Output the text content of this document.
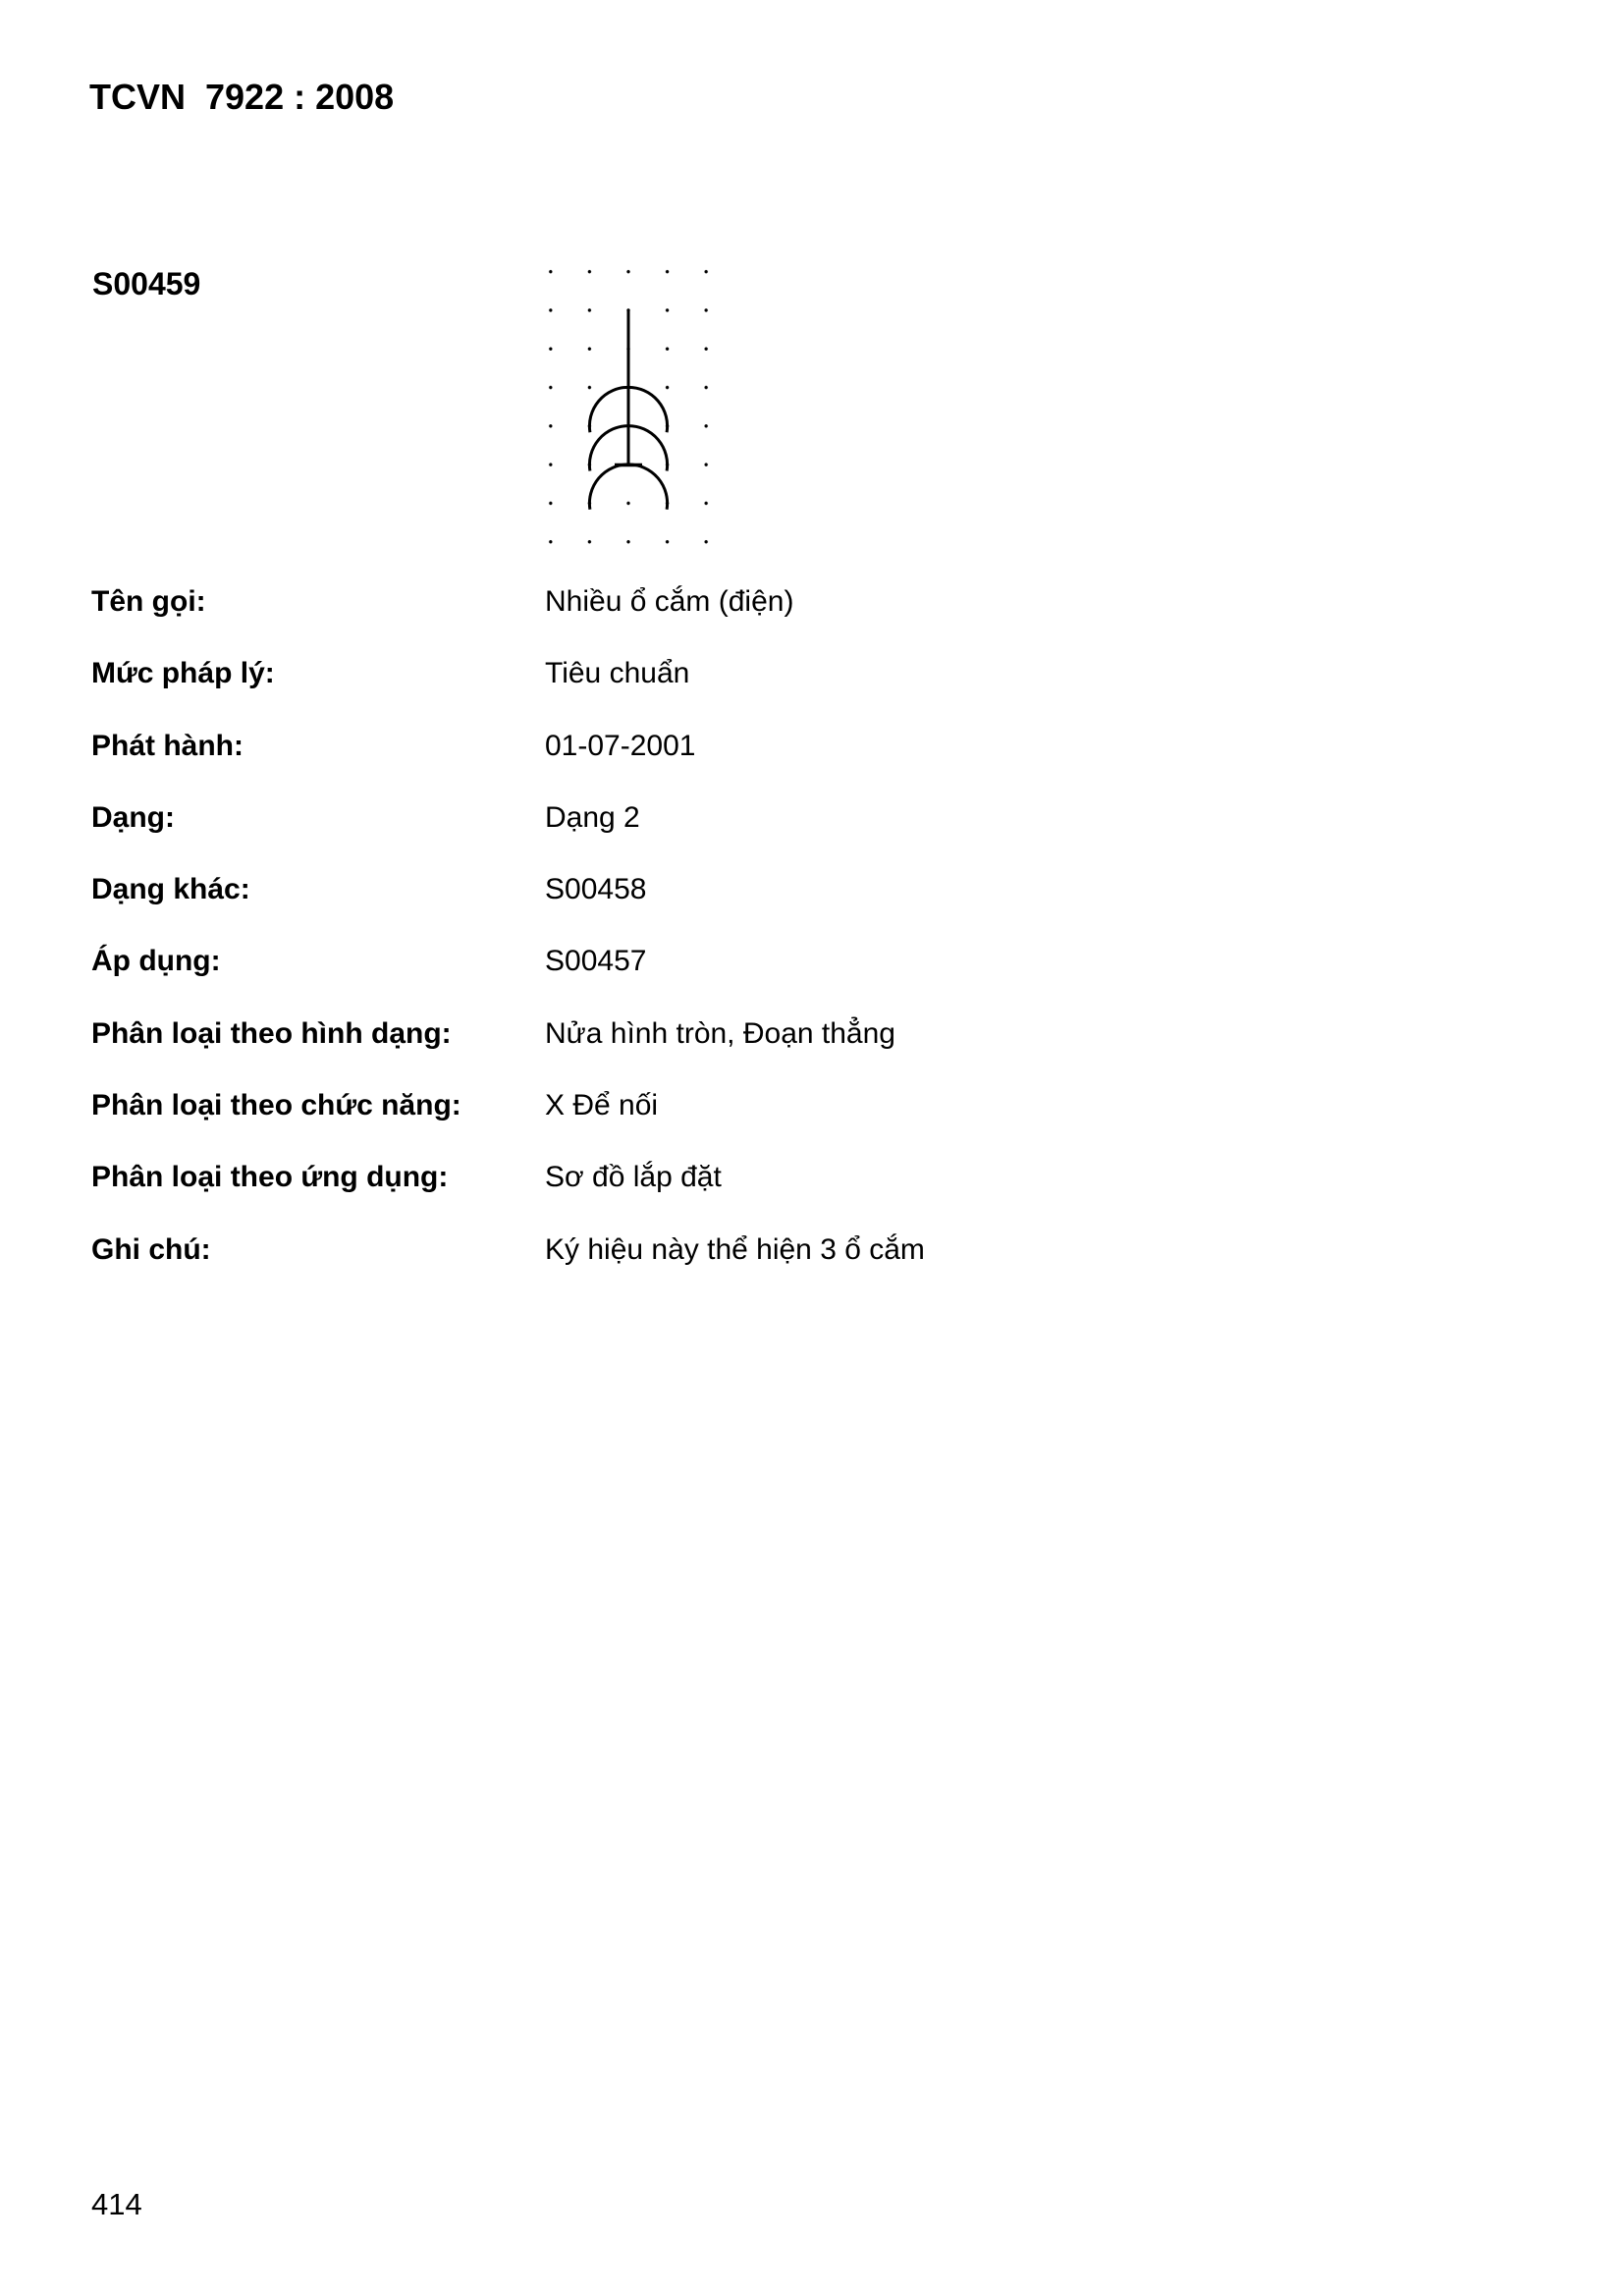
TCVN  7922 : 2008
S00459
Tên gọi:	Nhiều ổ cắm (điện)
Mức pháp lý:	Tiêu chuẩn
Phát hành:	01-07-2001
Dạng:	Dạng 2
Dạng khác:	S00458
Áp dụng:	S00457
Phân loại theo hình dạng:	Nửa hình tròn, Đoạn thẳng
Phân loại theo chức năng:	X Để nối
Phân loại theo ứng dụng:	Sơ đồ lắp đặt
Ghi chú:	Ký hiệu này thể hiện 3 ổ cắm
414
